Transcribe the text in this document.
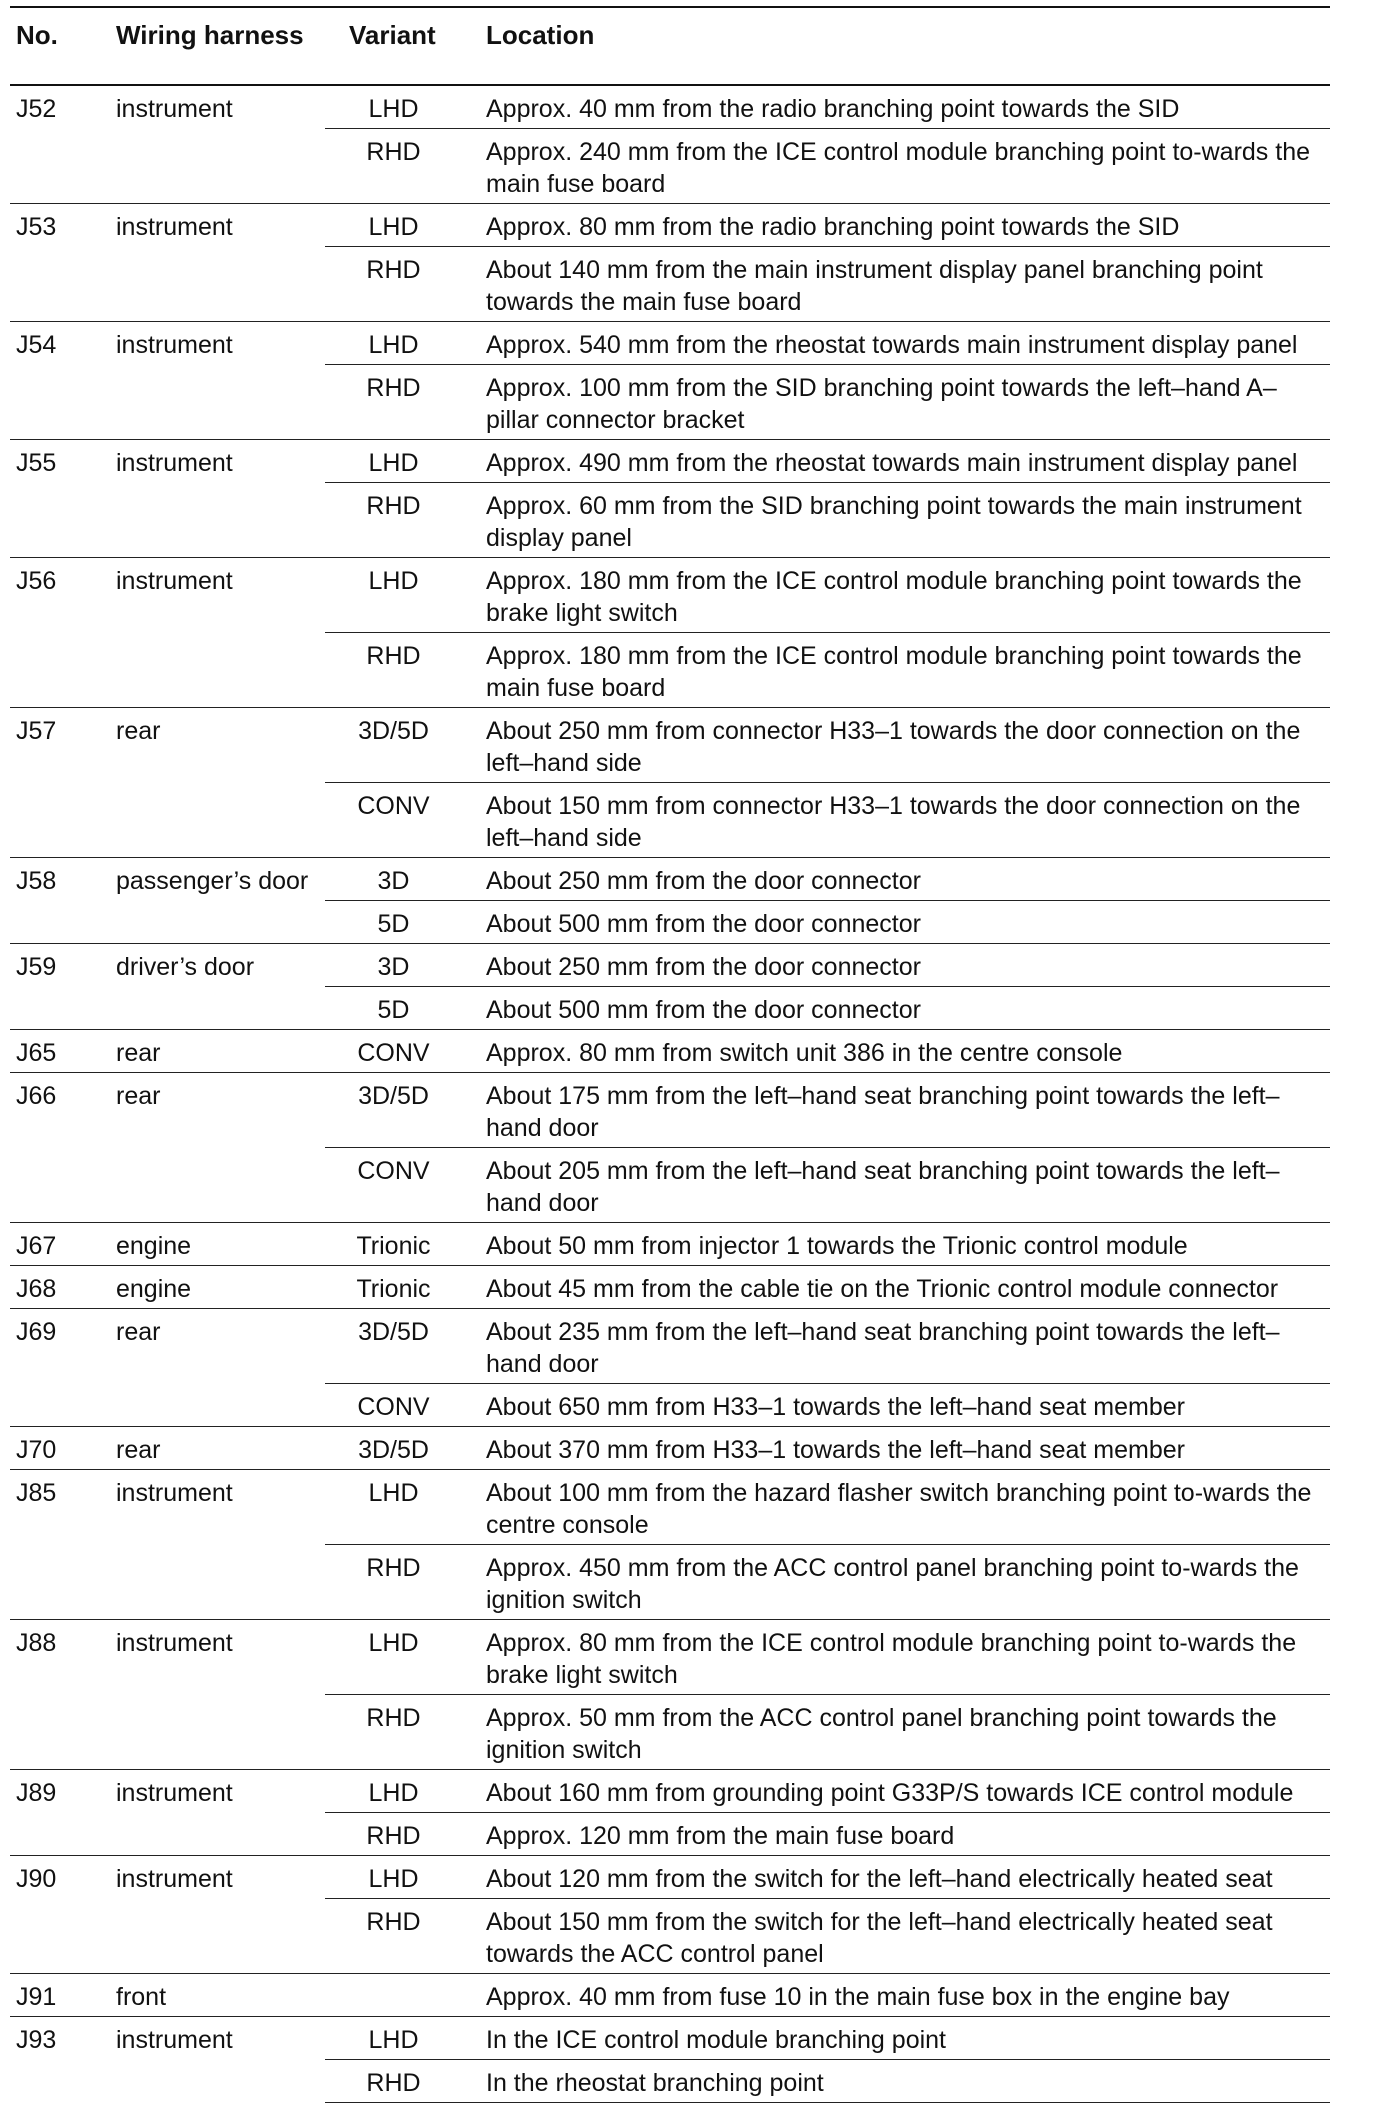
No.	Wiring harness	Variant	Location
J52	instrument	LHD	Approx. 40 mm from the radio branching point towards the SID
		RHD	Approx. 240 mm from the ICE control module branching point to-wards the main fuse board
J53	instrument	LHD	Approx. 80 mm from the radio branching point towards the SID
		RHD	About 140 mm from the main instrument display panel branching point towards the main fuse board
J54	instrument	LHD	Approx. 540 mm from the rheostat towards main instrument display panel
		RHD	Approx. 100 mm from the SID branching point towards the left–hand A–pillar connector bracket
J55	instrument	LHD	Approx. 490 mm from the rheostat towards main instrument display panel
		RHD	Approx. 60 mm from the SID branching point towards the main instrument display panel
J56	instrument	LHD	Approx. 180 mm from the ICE control module branching point towards the brake light switch
		RHD	Approx. 180 mm from the ICE control module branching point towards the main fuse board
J57	rear	3D/5D	About 250 mm from connector H33–1 towards the door connection on the left–hand side
		CONV	About 150 mm from connector H33–1 towards the door connection on the left–hand side
J58	passenger’s door	3D	About 250 mm from the door connector
		5D	About 500 mm from the door connector
J59	driver’s door	3D	About 250 mm from the door connector
		5D	About 500 mm from the door connector
J65	rear	CONV	Approx. 80 mm from switch unit 386 in the centre console
J66	rear	3D/5D	About 175 mm from the left–hand seat branching point towards the left–hand door
		CONV	About 205 mm from the left–hand seat branching point towards the left–hand door
J67	engine	Trionic	About 50 mm from injector 1 towards the Trionic control module
J68	engine	Trionic	About 45 mm from the cable tie on the Trionic control module connector
J69	rear	3D/5D	About 235 mm from the left–hand seat branching point towards the left–hand door
		CONV	About 650 mm from H33–1 towards the left–hand seat member
J70	rear	3D/5D	About 370 mm from H33–1 towards the left–hand seat member
J85	instrument	LHD	About 100 mm from the hazard flasher switch branching point to-wards the centre console
		RHD	Approx. 450 mm from the ACC control panel branching point to-wards the ignition switch
J88	instrument	LHD	Approx. 80 mm from the ICE control module branching point to-wards the brake light switch
		RHD	Approx. 50 mm from the ACC control panel branching point towards the ignition switch
J89	instrument	LHD	About 160 mm from grounding point G33P/S towards ICE control module
		RHD	Approx. 120 mm from the main fuse board
J90	instrument	LHD	About 120 mm from the switch for the left–hand electrically heated seat
		RHD	About 150 mm from the switch for the left–hand electrically heated seat towards the ACC control panel
J91	front		Approx. 40 mm from fuse 10 in the main fuse box in the engine bay
J93	instrument	LHD	In the ICE control module branching point
		RHD	In the rheostat branching point
